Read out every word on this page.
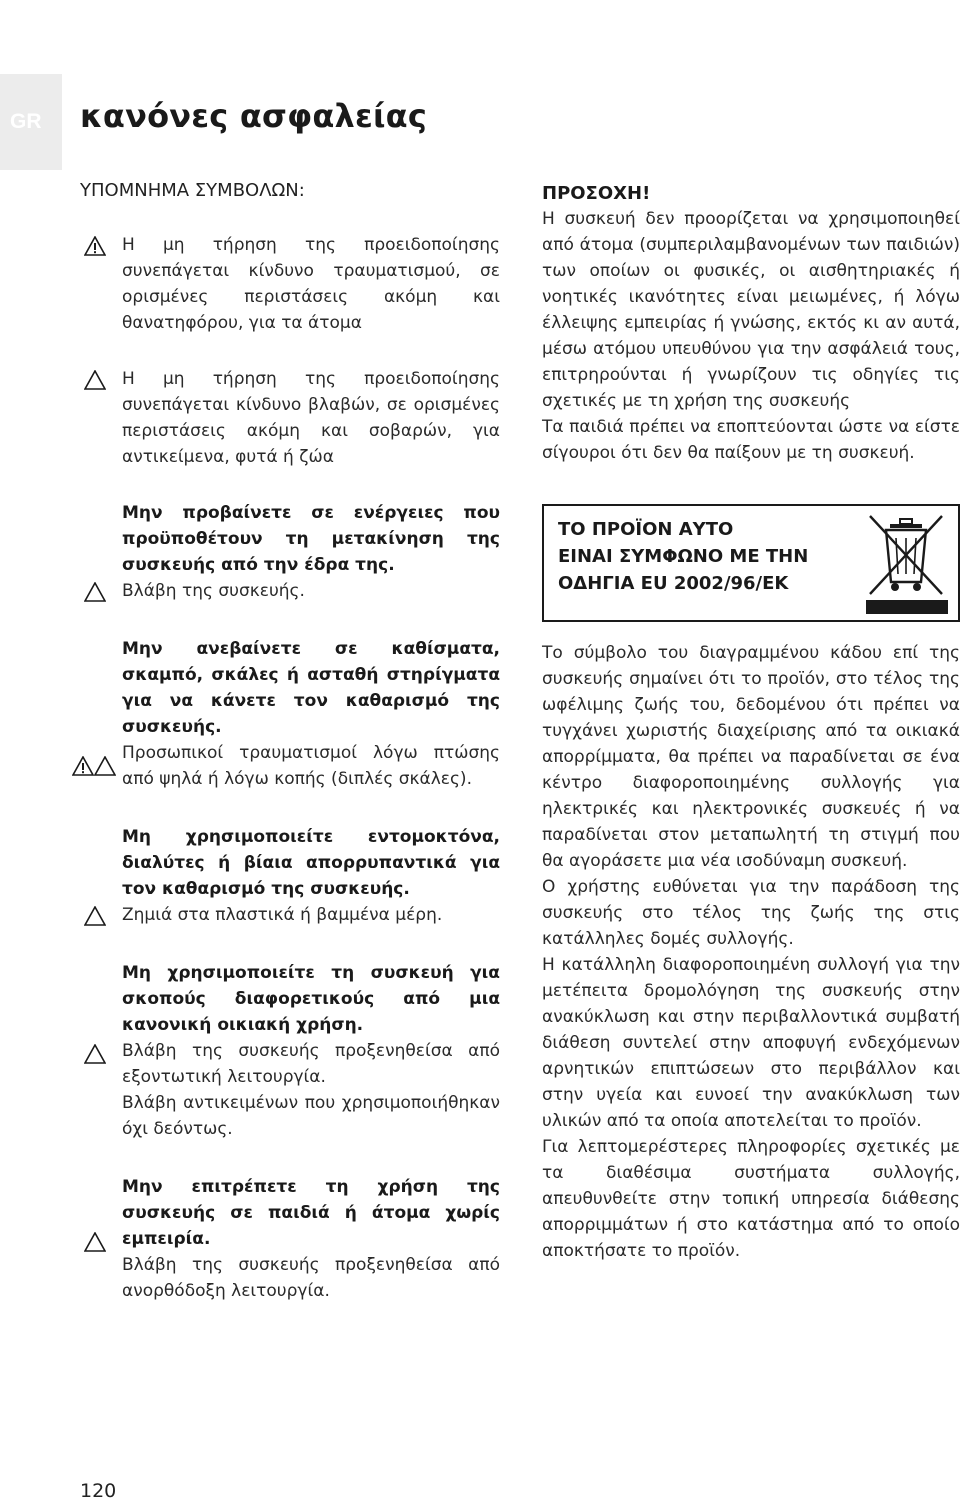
GR	κανόνες ασφαλείας

ΥΠΟΜΝΗΜΑ ΣΥΜΒΟΛΩΝ:

Η μη τήρηση της προειδοποίησης συνεπάγεται κίνδυνο τραυματισμού, σε ορισμένες περιστάσεις ακόμη και θανατηφόρου, για τα άτομα

Η μη τήρηση της προειδοποίησης συνεπάγεται κίνδυνο βλαβών, σε ορισμένες περιστάσεις ακόμη και σοβαρών, για αντικείμενα, φυτά ή ζώα

Μην προβαίνετε σε ενέργειες που προϋποθέτουν τη μετακίνηση της συσκευής από την έδρα της.

Βλάβη της συσκευής.

Μην ανεβαίνετε σε καθίσματα, σκαμπό, σκάλες ή ασταθή στηρίγματα για να κάνετε τον καθαρισμό της συσκευής.

Προσωπικοί τραυματισμοί λόγω πτώσης από ψηλά ή λόγω κοπής (διπλές σκάλες).

Μη χρησιμοποιείτε εντομοκτόνα, διαλύτες ή βίαια απορρυπαντικά για τον καθαρισμό της συσκευής.

Ζημιά στα πλαστικά ή βαμμένα μέρη.

Μη χρησιμοποιείτε τη συσκευή για σκοπούς διαφορετικούς από μια κανονική οικιακή χρήση.

Βλάβη της συσκευής προξενηθείσα από εξοντωτική λειτουργία.

Βλάβη αντικειμένων που χρησιμοποιήθηκαν όχι δεόντως.

Μην επιτρέπετε τη χρήση της συσκευής σε παιδιά ή άτομα χωρίς εμπειρία.

Βλάβη της συσκευής προξενηθείσα από ανορθόδοξη λειτουργία.

ΠΡΟΣΟΧΗ!

Η συσκευή δεν προορίζεται να χρησιμοποιηθεί από άτομα (συμπεριλαμβανομένων των παιδιών) των οποίων οι φυσικές, οι αισθητηριακές ή νοητικές ικανότητες είναι μειωμένες, ή λόγω έλλειψης εμπειρίας ή γνώσης, εκτός κι αν αυτά, μέσω ατόμου υπευθύνου για την ασφάλειά τους, επιτρηρούνται ή γνωρίζουν τις οδηγίες τις σχετικές με τη χρήση της συσκευής

Τα παιδιά πρέπει να εποπτεύονται ώστε να είστε σίγουροι ότι δεν θα παίξουν με τη συσκευή.

ΤΟ ΠΡΟΪΟΝ ΑΥΤΟ
ΕΙΝΑΙ ΣΥΜΦΩΝΟ ΜΕ ΤΗΝ
ΟΔΗΓΙΑ EU 2002/96/EK

Το σύμβολο του διαγραμμένου κάδου επί της συσκευής σημαίνει ότι το προϊόν, στο τέλος της ωφέλιμης ζωής του, δεδομένου ότι πρέπει να τυγχάνει χωριστής διαχείρισης από τα οικιακά απορρίμματα, θα πρέπει να παραδίνεται σε ένα κέντρο διαφοροποιημένης συλλογής για ηλεκτρικές και ηλεκτρονικές συσκευές ή να παραδίνεται στον μεταπωλητή τη στιγμή που θα αγοράσετε μια νέα ισοδύναμη συσκευή.

Ο χρήστης ευθύνεται για την παράδοση της συσκευής στο τέλος της ζωής της στις κατάλληλες δομές συλλογής.

Η κατάλληλη διαφοροποιημένη συλλογή για την μετέπειτα δρομολόγηση της συσκευής στην ανακύκλωση και στην περιβαλλοντικά συμβατή διάθεση συντελεί στην αποφυγή ενδεχόμενων αρνητικών επιπτώσεων στο περιβάλλον και στην υγεία και ευνοεί την ανακύκλωση των υλικών από τα οποία αποτελείται το προϊόν.

Για λεπτομερέστερες πληροφορίες σχετικές με τα διαθέσιμα συστήματα συλλογής, απευθυνθείτε στην τοπική υπηρεσία διάθεσης απορριμμάτων ή στο κατάστημα από το οποίο αποκτήσατε το προϊόν.

120
